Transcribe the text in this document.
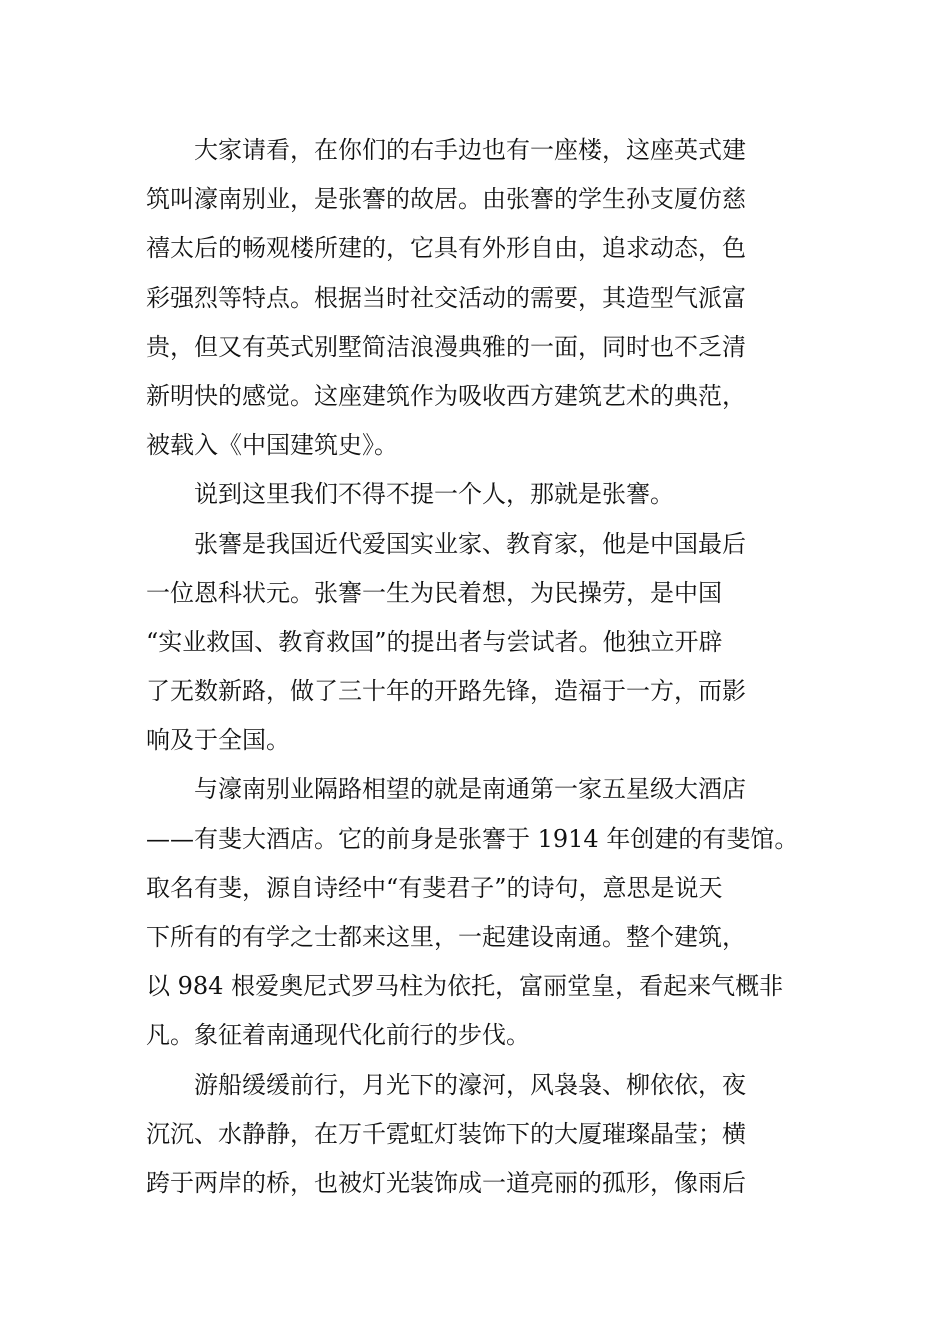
大家请看，在你们的右手边也有一座楼，这座英式建
筑叫濠南别业，是张謇的故居。由张謇的学生孙支厦仿慈
禧太后的畅观楼所建的，它具有外形自由，追求动态，色
彩强烈等特点。根据当时社交活动的需要，其造型气派富
贵，但又有英式别墅简洁浪漫典雅的一面，同时也不乏清
新明快的感觉。这座建筑作为吸收西方建筑艺术的典范，
被载入《中国建筑史》。
说到这里我们不得不提一个人，那就是张謇。
张謇是我国近代爱国实业家、教育家，他是中国最后
一位恩科状元。张謇一生为民着想，为民操劳，是中国
“实业救国、教育救国”的提出者与尝试者。他独立开辟
了无数新路，做了三十年的开路先锋，造福于一方，而影
响及于全国。
与濠南别业隔路相望的就是南通第一家五星级大酒店
——有斐大酒店。它的前身是张謇于 1914 年创建的有斐馆。
取名有斐，源自诗经中“有斐君子”的诗句，意思是说天
下所有的有学之士都来这里，一起建设南通。整个建筑，
以 984 根爱奥尼式罗马柱为依托，富丽堂皇，看起来气概非
凡。象征着南通现代化前行的步伐。
游船缓缓前行，月光下的濠河，风袅袅、柳依依，夜
沉沉、水静静，在万千霓虹灯装饰下的大厦璀璨晶莹；横
跨于两岸的桥，也被灯光装饰成一道亮丽的孤形，像雨后
